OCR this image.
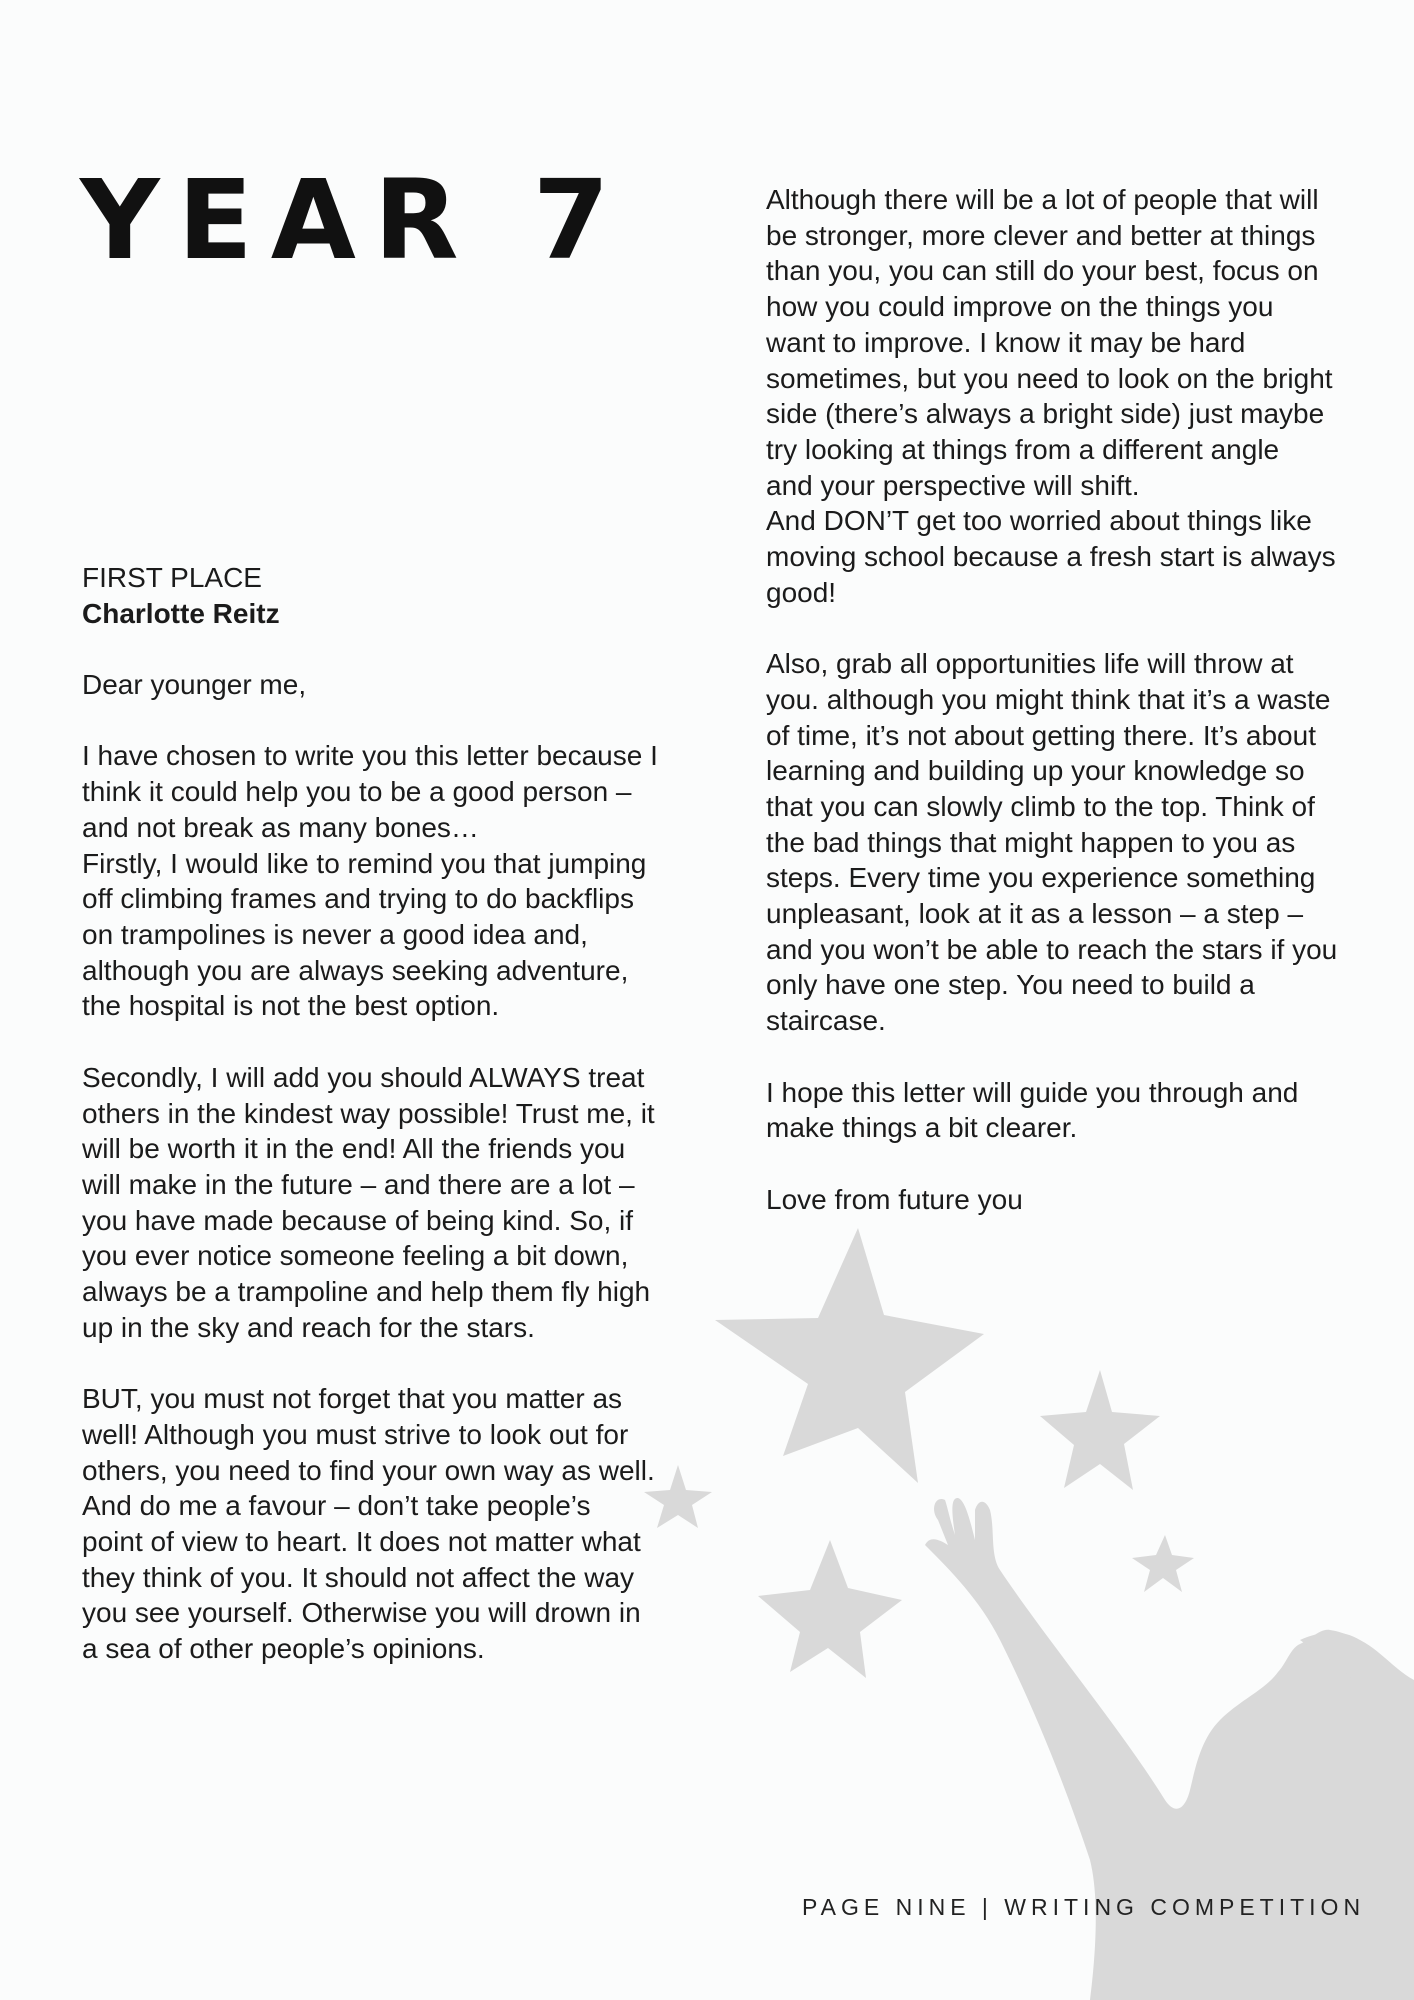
YEAR 7

FIRST PLACE

Charlotte Reitz

Dear younger me,

I have chosen to write you this letter because I
think it could help you to be a good person –
and not break as many bones…
Firstly, I would like to remind you that jumping
off climbing frames and trying to do backflips
on trampolines is never a good idea and,
although you are always seeking adventure,
the hospital is not the best option.

Secondly, I will add you should ALWAYS treat
others in the kindest way possible! Trust me, it
will be worth it in the end! All the friends you
will make in the future – and there are a lot –
you have made because of being kind. So, if
you ever notice someone feeling a bit down,
always be a trampoline and help them fly high
up in the sky and reach for the stars.

BUT, you must not forget that you matter as
well! Although you must strive to look out for
others, you need to find your own way as well.
And do me a favour – don’t take people’s
point of view to heart. It does not matter what
they think of you. It should not affect the way
you see yourself. Otherwise you will drown in
a sea of other people’s opinions.

Although there will be a lot of people that will
be stronger, more clever and better at things
than you, you can still do your best, focus on
how you could improve on the things you
want to improve. I know it may be hard
sometimes, but you need to look on the bright
side (there’s always a bright side) just maybe
try looking at things from a different angle
and your perspective will shift.
And DON’T get too worried about things like
moving school because a fresh start is always
good!

Also, grab all opportunities life will throw at
you. although you might think that it’s a waste
of time, it’s not about getting there. It’s about
learning and building up your knowledge so
that you can slowly climb to the top. Think of
the bad things that might happen to you as
steps. Every time you experience something
unpleasant, look at it as a lesson – a step –
and you won’t be able to reach the stars if you
only have one step. You need to build a
staircase.

I hope this letter will guide you through and
make things a bit clearer.

Love from future you

PAGE NINE | WRITING COMPETITION
